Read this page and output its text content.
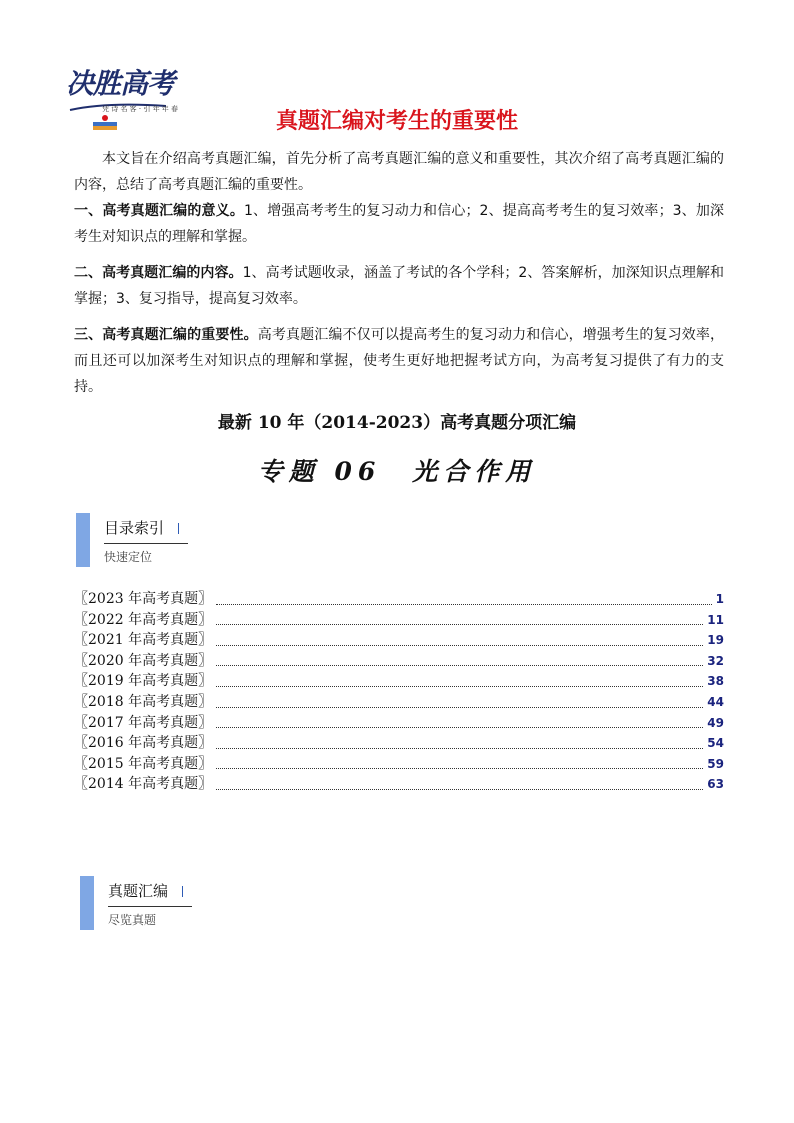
决胜高考
凭 诗 名 客 · 引 年 年 春	真题汇编对考生的重要性
本文旨在介绍高考真题汇编，首先分析了高考真题汇编的意义和重要性，其次介绍了高考真题汇编的内容，总结了高考真题汇编的重要性。
一、高考真题汇编的意义。1、增强高考考生的复习动力和信心；2、提高高考考生的复习效率；3、加深考生对知识点的理解和掌握。
二、高考真题汇编的内容。1、高考试题收录，涵盖了考试的各个学科；2、答案解析，加深知识点理解和掌握；3、复习指导，提高复习效率。
三、高考真题汇编的重要性。高考真题汇编不仅可以提高考生的复习动力和信心，增强考生的复习效率，而且还可以加深考生对知识点的理解和掌握，使考生更好地把握考试方向，为高考复习提供了有力的支持。
最新 10 年（2014-2023）高考真题分项汇编
专题 06　光合作用
目录索引
快速定位
〖2023 年高考真题〗	1
〖2022 年高考真题〗	11
〖2021 年高考真题〗	19
〖2020 年高考真题〗	32
〖2019 年高考真题〗	38
〖2018 年高考真题〗	44
〖2017 年高考真题〗	49
〖2016 年高考真题〗	54
〖2015 年高考真题〗	59
〖2014 年高考真题〗	63
真题汇编
尽览真题
